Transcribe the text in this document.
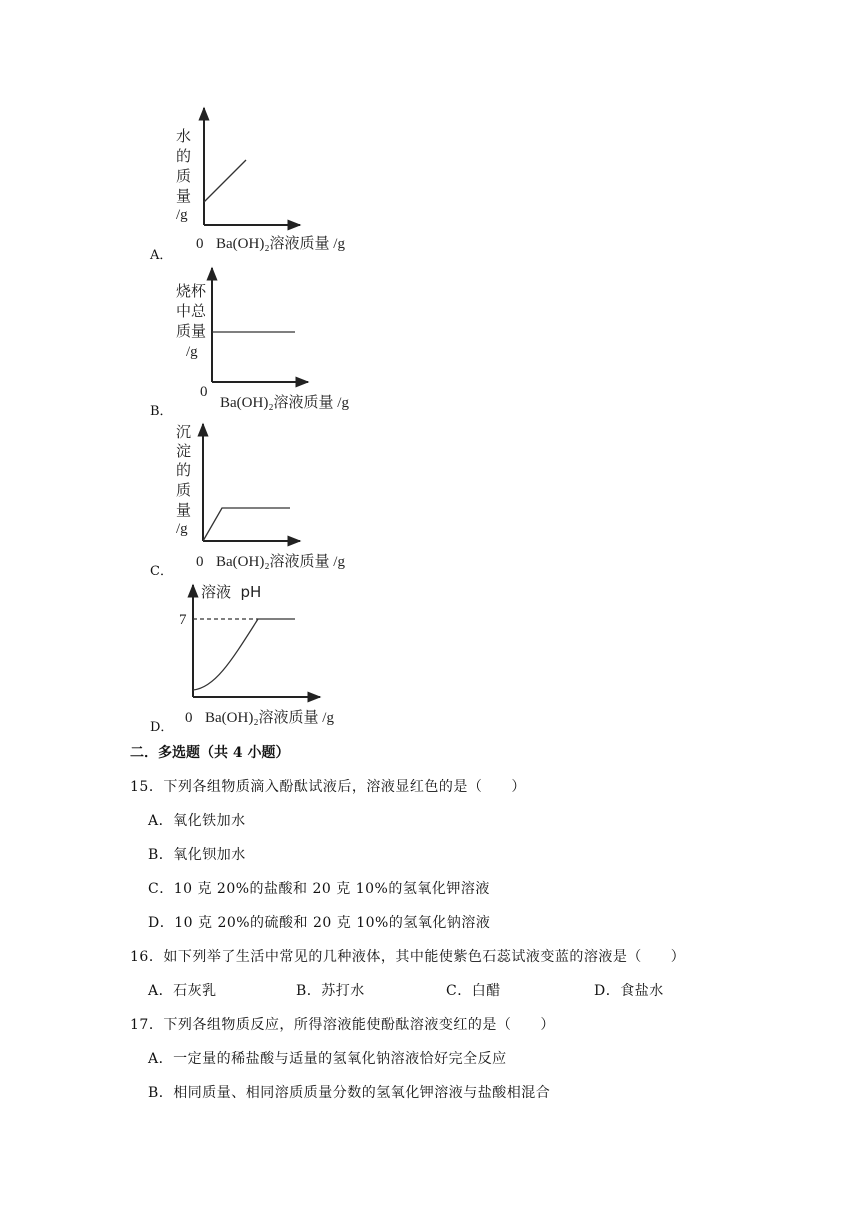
水
的
质
量
/g
0 Ba(OH)₂溶液质量 /g
A．
烧杯
中总
质量
/g
0
Ba(OH)₂溶液质量 /g
B．
沉
淀
的
质
量
/g
0 Ba(OH)₂溶液质量 /g
C．
溶液  pH
7
0 Ba(OH)₂溶液质量 /g
D．
二．多选题（共 4 小题）
15．下列各组物质滴入酚酞试液后，溶液显红色的是（　　）
A．氧化铁加水
B．氧化钡加水
C．10 克 20%的盐酸和 20 克 10%的氢氧化钾溶液
D．10 克 20%的硫酸和 20 克 10%的氢氧化钠溶液
16．如下列举了生活中常见的几种液体，其中能使紫色石蕊试液变蓝的溶液是（　　）
A．石灰乳	B．苏打水	C．白醋	D．食盐水
17．下列各组物质反应，所得溶液能使酚酞溶液变红的是（　　）
A．一定量的稀盐酸与适量的氢氧化钠溶液恰好完全反应
B．相同质量、相同溶质质量分数的氢氧化钾溶液与盐酸相混合
